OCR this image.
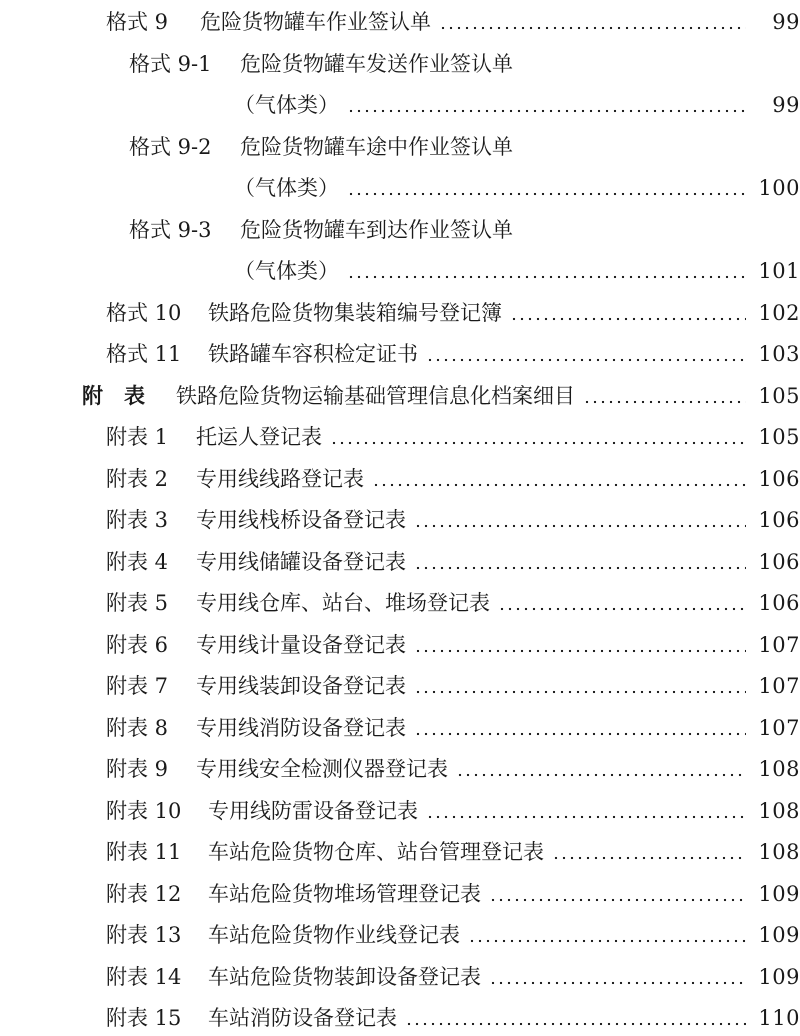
格式 9	危险货物罐车作业签认单	99
格式 9-1	危险货物罐车发送作业签认单
（气体类）	99
格式 9-2	危险货物罐车途中作业签认单
（气体类）	100
格式 9-3	危险货物罐车到达作业签认单
（气体类）	101
格式 10	铁路危险货物集装箱编号登记簿	102
格式 11	铁路罐车容积检定证书	103
附　表	铁路危险货物运输基础管理信息化档案细目	105
附表 1	托运人登记表	105
附表 2	专用线线路登记表	106
附表 3	专用线栈桥设备登记表	106
附表 4	专用线储罐设备登记表	106
附表 5	专用线仓库、站台、堆场登记表	106
附表 6	专用线计量设备登记表	107
附表 7	专用线装卸设备登记表	107
附表 8	专用线消防设备登记表	107
附表 9	专用线安全检测仪器登记表	108
附表 10	专用线防雷设备登记表	108
附表 11	车站危险货物仓库、站台管理登记表	108
附表 12	车站危险货物堆场管理登记表	109
附表 13	车站危险货物作业线登记表	109
附表 14	车站危险货物装卸设备登记表	109
附表 15	车站消防设备登记表	110
